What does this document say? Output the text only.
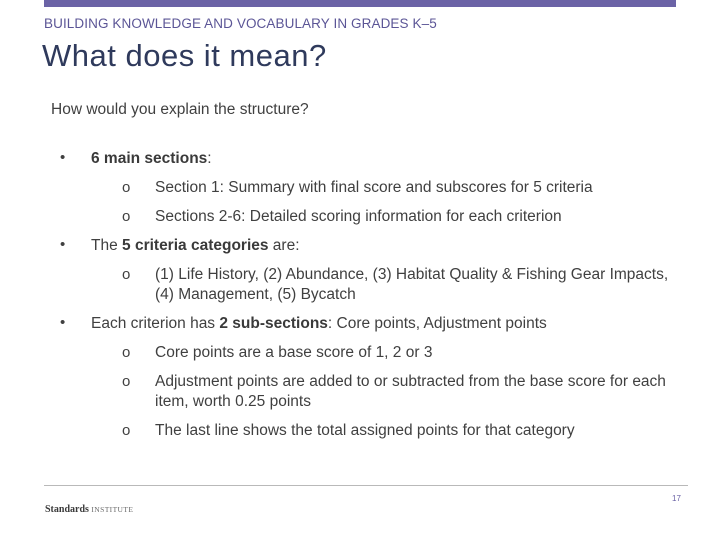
BUILDING KNOWLEDGE AND VOCABULARY IN GRADES K–5
What does it mean?
How would you explain the structure?
• 6 main sections:
o Section 1: Summary with final score and subscores for 5 criteria
o Sections 2-6: Detailed scoring information for each criterion
• The 5 criteria categories are:
o (1) Life History, (2) Abundance, (3) Habitat Quality & Fishing Gear Impacts, (4) Management, (5) Bycatch
• Each criterion has 2 sub-sections: Core points, Adjustment points
o Core points are a base score of 1, 2 or 3
o Adjustment points are added to or subtracted from the base score for each item, worth 0.25 points
o The last line shows the total assigned points for that category
17
Standards INSTITUTE
